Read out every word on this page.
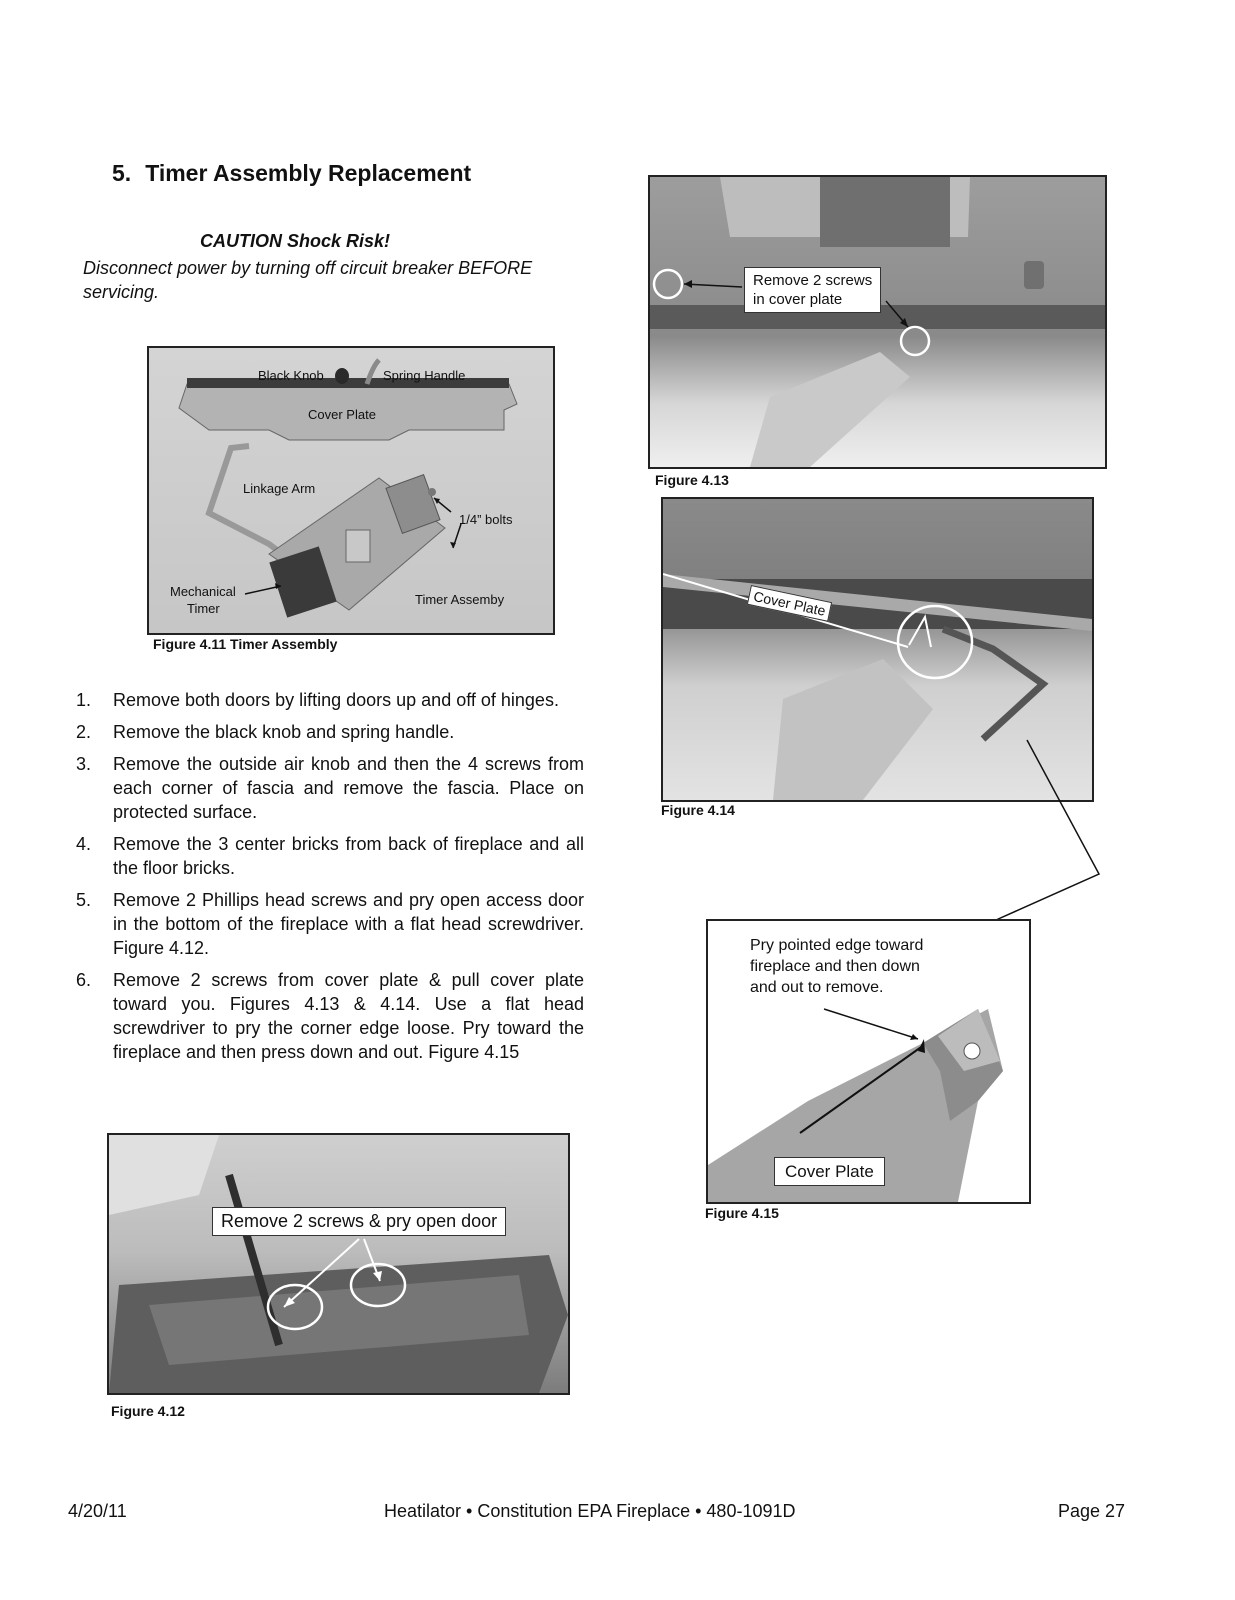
5. Timer Assembly Replacement
CAUTION Shock Risk!
Disconnect power by turning off circuit breaker BEFORE servicing.
Black Knob	Spring Handle
Cover Plate
Linkage Arm
1/4” bolts
Mechanical
Timer
Timer Assemby
Figure 4.11 Timer Assembly
1. Remove both doors by lifting doors up and off of hinges.
2. Remove the black knob and spring handle.
3. Remove the outside air knob and then the 4 screws from each corner of fascia and remove the fascia. Place on protected surface.
4. Remove the 3 center bricks from back of fireplace and all the floor bricks.
5. Remove 2 Phillips head screws and pry open access door in the bottom of the fireplace with a flat head screwdriver. Figure 4.12.
6. Remove 2 screws from cover plate & pull cover plate toward you. Figures 4.13 & 4.14. Use a flat head screwdriver to pry the corner edge loose. Pry toward the fireplace and then press down and out. Figure 4.15
Remove 2 screws & pry open door
Figure 4.12
Remove 2 screws
in cover plate
Figure 4.13
Cover Plate
Figure 4.14
Pry pointed edge toward fireplace and then down and out to remove.
Cover Plate
Figure 4.15
4/20/11	Heatilator • Constitution EPA Fireplace • 480-1091D	Page 27
